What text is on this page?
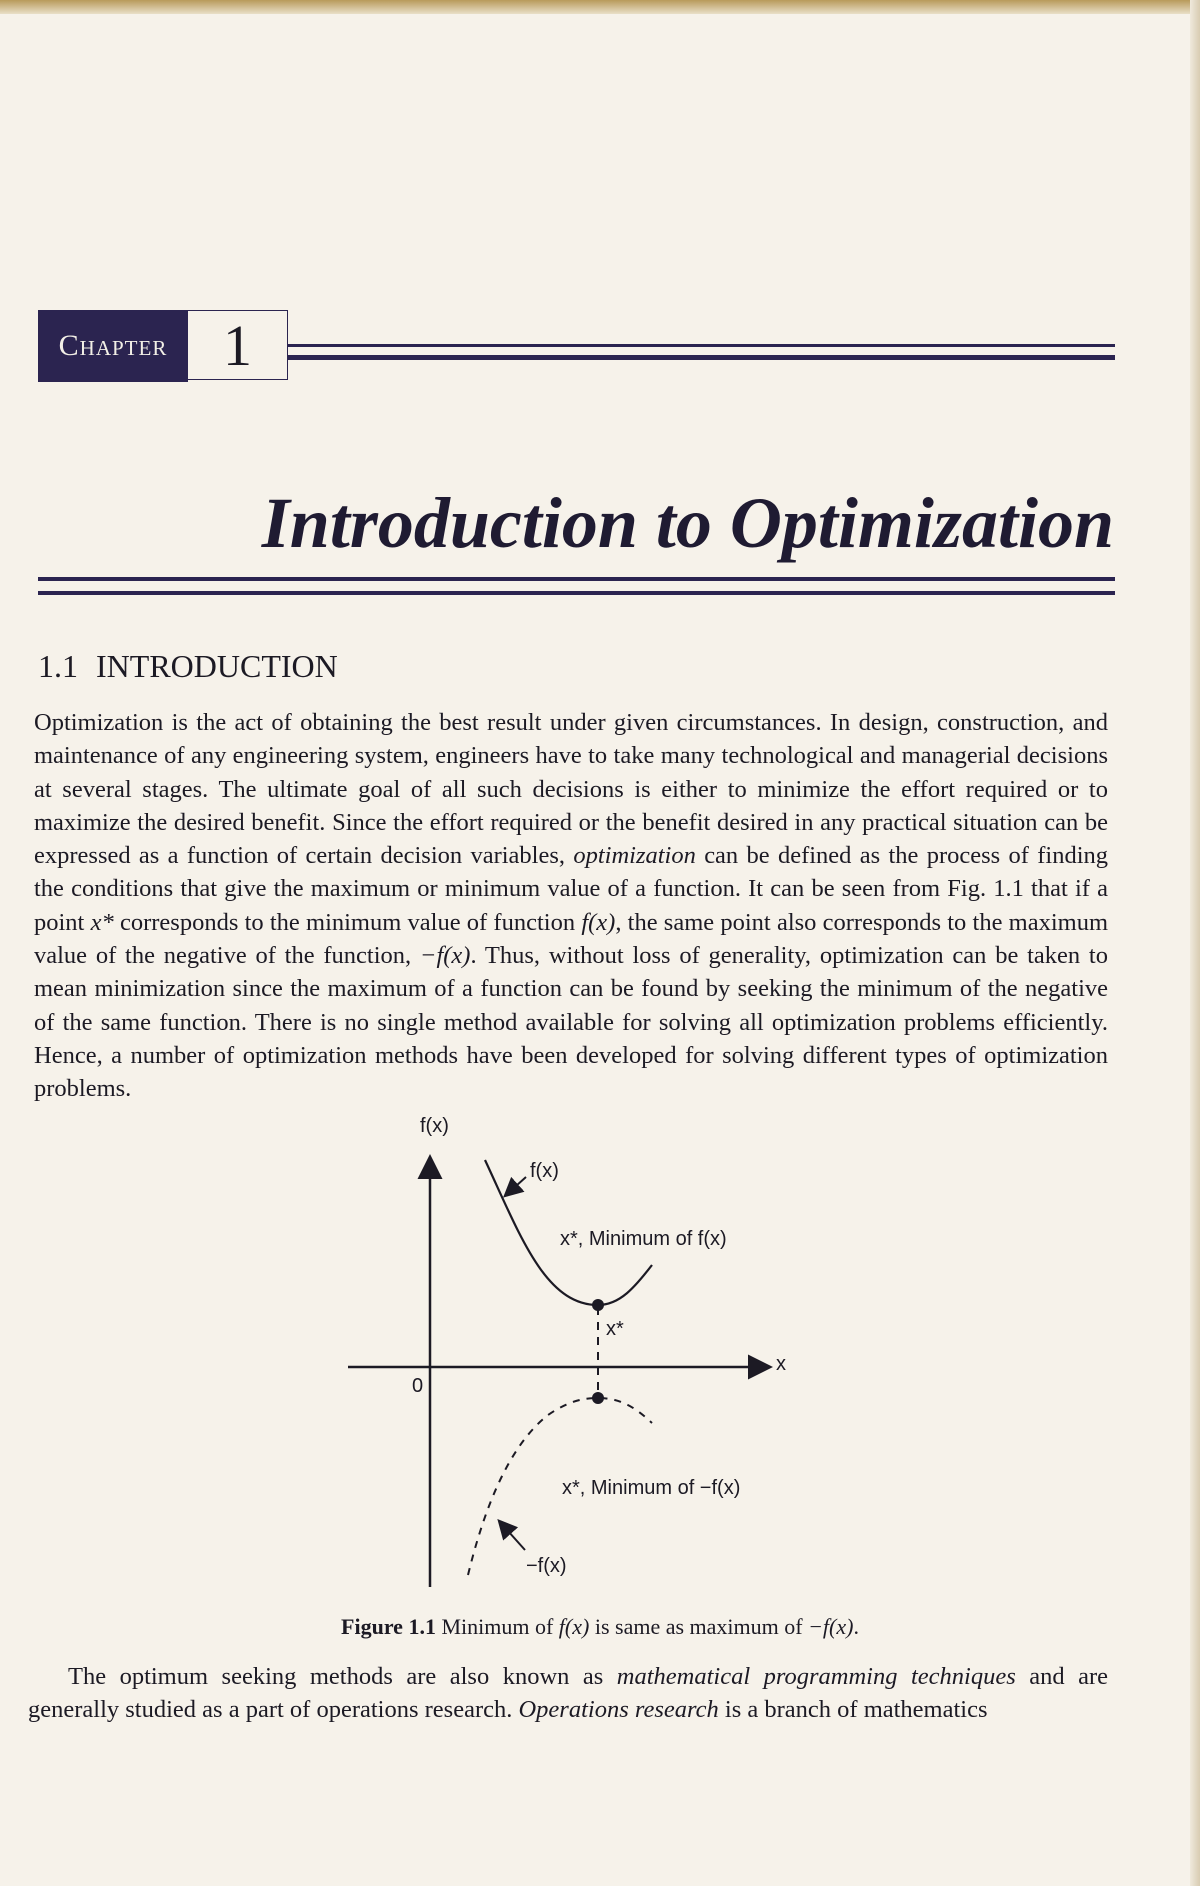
Chapter 1
Introduction to Optimization
1.1 INTRODUCTION
Optimization is the act of obtaining the best result under given circumstances. In design, construction, and maintenance of any engineering system, engineers have to take many technological and managerial decisions at several stages. The ultimate goal of all such decisions is either to minimize the effort required or to maximize the desired benefit. Since the effort required or the benefit desired in any practical situation can be expressed as a function of certain decision variables, optimization can be defined as the process of finding the conditions that give the maximum or minimum value of a function. It can be seen from Fig. 1.1 that if a point x* corresponds to the minimum value of function f(x), the same point also corresponds to the maximum value of the negative of the function, −f(x). Thus, without loss of generality, optimization can be taken to mean minimization since the maximum of a function can be found by seeking the minimum of the negative of the same function. There is no single method available for solving all optimization problems efficiently. Hence, a number of optimization methods have been developed for solving different types of optimization problems.
f(x)
f(x)
x*, Minimum of f(x)
x*
x
0
x*, Minimum of −f(x)
−f(x)
Figure 1.1 Minimum of f(x) is same as maximum of −f(x).
The optimum seeking methods are also known as mathematical programming techniques and are generally studied as a part of operations research. Operations research is a branch of mathematics
